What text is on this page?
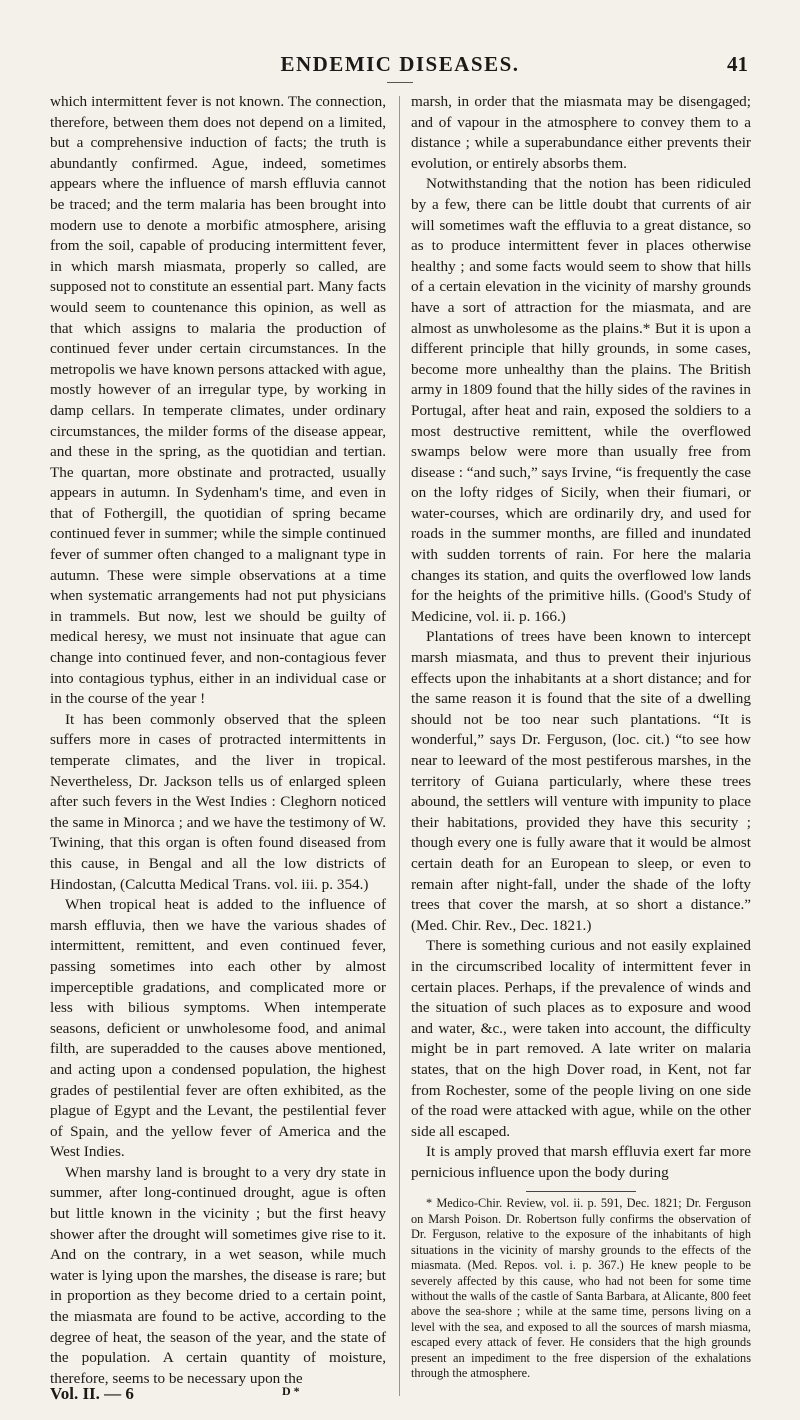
ENDEMIC DISEASES.	41

which intermittent fever is not known. The connection, therefore, between them does not depend on a limited, but a comprehensive induction of facts; the truth is abundantly confirmed. Ague, indeed, sometimes appears where the influence of marsh effluvia cannot be traced; and the term malaria has been brought into modern use to denote a morbific atmosphere, arising from the soil, capable of producing intermittent fever, in which marsh miasmata, properly so called, are supposed not to constitute an essential part. Many facts would seem to countenance this opinion, as well as that which assigns to malaria the production of continued fever under certain circumstances. In the metropolis we have known persons attacked with ague, mostly however of an irregular type, by working in damp cellars. In temperate climates, under ordinary circumstances, the milder forms of the disease appear, and these in the spring, as the quotidian and tertian. The quartan, more obstinate and protracted, usually appears in autumn. In Sydenham's time, and even in that of Fothergill, the quotidian of spring became continued fever in summer; while the simple continued fever of summer often changed to a malignant type in autumn. These were simple observations at a time when systematic arrangements had not put physicians in trammels. But now, lest we should be guilty of medical heresy, we must not insinuate that ague can change into continued fever, and non-contagious fever into contagious typhus, either in an individual case or in the course of the year !

It has been commonly observed that the spleen suffers more in cases of protracted intermittents in temperate climates, and the liver in tropical. Nevertheless, Dr. Jackson tells us of enlarged spleen after such fevers in the West Indies : Cleghorn noticed the same in Minorca ; and we have the testimony of W. Twining, that this organ is often found diseased from this cause, in Bengal and all the low districts of Hindostan, (Calcutta Medical Trans. vol. iii. p. 354.)

When tropical heat is added to the influence of marsh effluvia, then we have the various shades of intermittent, remittent, and even continued fever, passing sometimes into each other by almost imperceptible gradations, and complicated more or less with bilious symptoms. When intemperate seasons, deficient or unwholesome food, and animal filth, are superadded to the causes above mentioned, and acting upon a condensed population, the highest grades of pestilential fever are often exhibited, as the plague of Egypt and the Levant, the pestilential fever of Spain, and the yellow fever of America and the West Indies.

When marshy land is brought to a very dry state in summer, after long-continued drought, ague is often but little known in the vicinity ; but the first heavy shower after the drought will sometimes give rise to it. And on the contrary, in a wet season, while much water is lying upon the marshes, the disease is rare; but in proportion as they become dried to a certain point, the miasmata are found to be active, according to the degree of heat, the season of the year, and the state of the population. A certain quantity of moisture, therefore, seems to be necessary upon the

marsh, in order that the miasmata may be disengaged; and of vapour in the atmosphere to convey them to a distance ; while a superabundance either prevents their evolution, or entirely absorbs them.

Notwithstanding that the notion has been ridiculed by a few, there can be little doubt that currents of air will sometimes waft the effluvia to a great distance, so as to produce intermittent fever in places otherwise healthy ; and some facts would seem to show that hills of a certain elevation in the vicinity of marshy grounds have a sort of attraction for the miasmata, and are almost as unwholesome as the plains.* But it is upon a different principle that hilly grounds, in some cases, become more unhealthy than the plains. The British army in 1809 found that the hilly sides of the ravines in Portugal, after heat and rain, exposed the soldiers to a most destructive remittent, while the overflowed swamps below were more than usually free from disease : “and such,” says Irvine, “is frequently the case on the lofty ridges of Sicily, when their fiumari, or water-courses, which are ordinarily dry, and used for roads in the summer months, are filled and inundated with sudden torrents of rain. For here the malaria changes its station, and quits the overflowed low lands for the heights of the primitive hills. (Good's Study of Medicine, vol. ii. p. 166.)

Plantations of trees have been known to intercept marsh miasmata, and thus to prevent their injurious effects upon the inhabitants at a short distance; and for the same reason it is found that the site of a dwelling should not be too near such plantations. “It is wonderful,” says Dr. Ferguson, (loc. cit.) “to see how near to leeward of the most pestiferous marshes, in the territory of Guiana particularly, where these trees abound, the settlers will venture with impunity to place their habitations, provided they have this security ; though every one is fully aware that it would be almost certain death for an European to sleep, or even to remain after night-fall, under the shade of the lofty trees that cover the marsh, at so short a distance.” (Med. Chir. Rev., Dec. 1821.)

There is something curious and not easily explained in the circumscribed locality of intermittent fever in certain places. Perhaps, if the prevalence of winds and the situation of such places as to exposure and wood and water, &c., were taken into account, the difficulty might be in part removed. A late writer on malaria states, that on the high Dover road, in Kent, not far from Rochester, some of the people living on one side of the road were attacked with ague, while on the other side all escaped.

It is amply proved that marsh effluvia exert far more pernicious influence upon the body during

* Medico-Chir. Review, vol. ii. p. 591, Dec. 1821; Dr. Ferguson on Marsh Poison. Dr. Robertson fully confirms the observation of Dr. Ferguson, relative to the exposure of the inhabitants of high situations in the vicinity of marshy grounds to the effects of the miasmata. (Med. Repos. vol. i. p. 367.) He knew people to be severely affected by this cause, who had not been for some time without the walls of the castle of Santa Barbara, at Alicante, 800 feet above the sea-shore ; while at the same time, persons living on a level with the sea, and exposed to all the sources of marsh miasma, escaped every attack of fever. He considers that the high grounds present an impediment to the free dispersion of the exhalations through the atmosphere.
Vol. II. — 6	D *
